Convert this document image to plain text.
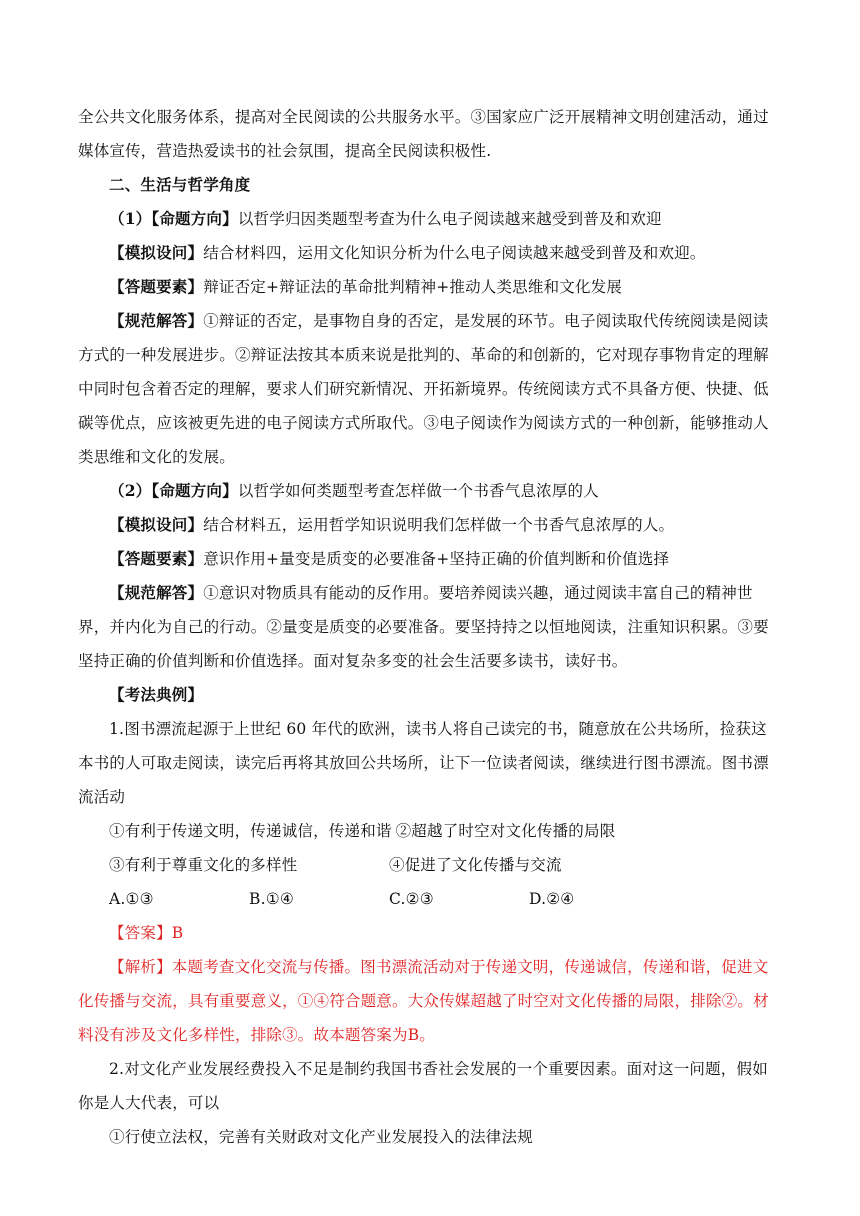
全公共文化服务体系，提高对全民阅读的公共服务水平。③国家应广泛开展精神文明创建活动，通过媒体宣传，营造热爱读书的社会氛围，提高全民阅读积极性.

二、生活与哲学角度

（1）【命题方向】以哲学归因类题型考查为什么电子阅读越来越受到普及和欢迎

【模拟设问】结合材料四，运用文化知识分析为什么电子阅读越来越受到普及和欢迎。

【答题要素】辩证否定+辩证法的革命批判精神+推动人类思维和文化发展

【规范解答】①辩证的否定，是事物自身的否定，是发展的环节。电子阅读取代传统阅读是阅读方式的一种发展进步。②辩证法按其本质来说是批判的、革命的和创新的，它对现存事物肯定的理解中同时包含着否定的理解，要求人们研究新情况、开拓新境界。传统阅读方式不具备方便、快捷、低碳等优点，应该被更先进的电子阅读方式所取代。③电子阅读作为阅读方式的一种创新，能够推动人类思维和文化的发展。

（2）【命题方向】以哲学如何类题型考查怎样做一个书香气息浓厚的人

【模拟设问】结合材料五，运用哲学知识说明我们怎样做一个书香气息浓厚的人。

【答题要素】意识作用+量变是质变的必要准备+坚持正确的价值判断和价值选择

【规范解答】①意识对物质具有能动的反作用。要培养阅读兴趣，通过阅读丰富自己的精神世界，并内化为自己的行动。②量变是质变的必要准备。要坚持持之以恒地阅读，注重知识积累。③要坚持正确的价值判断和价值选择。面对复杂多变的社会生活要多读书，读好书。

【考法典例】

1.图书漂流起源于上世纪 60 年代的欧洲，读书人将自己读完的书，随意放在公共场所，捡获这本书的人可取走阅读，读完后再将其放回公共场所，让下一位读者阅读，继续进行图书漂流。图书漂流活动

①有利于传递文明，传递诚信，传递和谐 ②超越了时空对文化传播的局限
③有利于尊重文化的多样性	④促进了文化传播与交流
A.①③	B.①④	C.②③	D.②④

【答案】B

【解析】本题考查文化交流与传播。图书漂流活动对于传递文明，传递诚信，传递和谐，促进文化传播与交流，具有重要意义，①④符合题意。大众传媒超越了时空对文化传播的局限，排除②。材料没有涉及文化多样性，排除③。故本题答案为B。

2.对文化产业发展经费投入不足是制约我国书香社会发展的一个重要因素。面对这一问题，假如你是人大代表，可以

①行使立法权，完善有关财政对文化产业发展投入的法律法规
